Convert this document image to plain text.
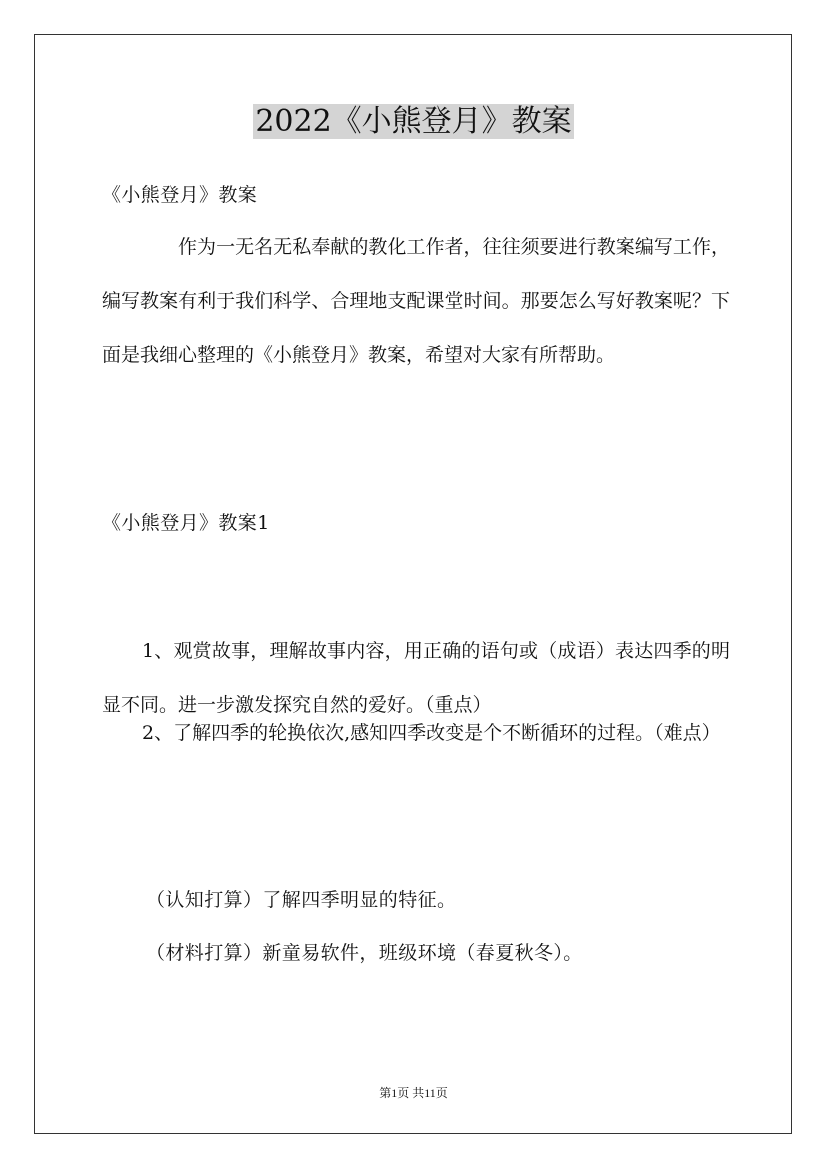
2022《小熊登月》教案
《小熊登月》教案
作为一无名无私奉献的教化工作者，往往须要进行教案编写工作，编写教案有利于我们科学、合理地支配课堂时间。那要怎么写好教案呢？下面是我细心整理的《小熊登月》教案，希望对大家有所帮助。
《小熊登月》教案1
1、观赏故事，理解故事内容，用正确的语句或（成语）表达四季的明显不同。进一步激发探究自然的爱好。（重点）
2、了解四季的轮换依次,感知四季改变是个不断循环的过程。（难点）
（认知打算）了解四季明显的特征。
（材料打算）新童易软件，班级环境（春夏秋冬）。
第1页 共11页
